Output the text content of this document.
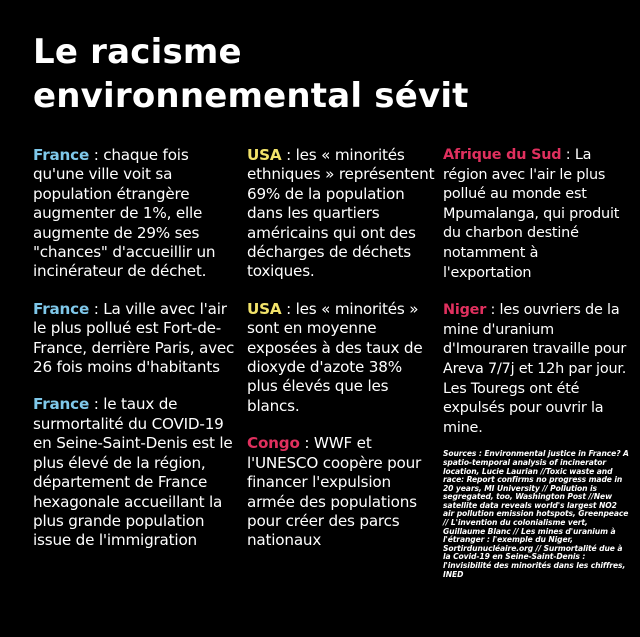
Le racisme
environnemental sévit

France : chaque fois qu'une ville voit sa population étrangère augmenter de 1%, elle augmente de 29% ses "chances" d'accueillir un incinérateur de déchet.

France : La ville avec l'air le plus pollué est Fort-de-France, derrière Paris, avec 26 fois moins d'habitants

France : le taux de surmortalité du COVID-19 en Seine-Saint-Denis est le plus élevé de la région, département de France hexagonale accueillant la plus grande population issue de l'immigration

USA : les « minorités ethniques » représentent 69% de la population dans les quartiers américains qui ont des décharges de déchets toxiques.

USA : les « minorités » sont en moyenne exposées à des taux de dioxyde d'azote 38% plus élevés que les blancs.

Congo : WWF et l'UNESCO coopère pour financer l'expulsion armée des populations pour créer des parcs nationaux

Afrique du Sud : La région avec l'air le plus pollué au monde est Mpumalanga, qui produit du charbon destiné notamment à l'exportation

Niger : les ouvriers de la mine d'uranium d'Imouraren travaille pour Areva 7/7j et 12h par jour. Les Touregs ont été expulsés pour ouvrir la mine.

Sources : Environmental justice in France? A spatio-temporal analysis of incinerator location, Lucie Laurian //Toxic waste and race: Report confirms no progress made in 20 years, MI University // Pollution is segregated, too, Washington Post //New satellite data reveals world's largest NO2 air pollution emission hotspots, Greenpeace // L'invention du colonialisme vert, Guillaume Blanc // Les mines d'uranium à l'étranger : l'exemple du Niger, Sortirdunucléaire.org // Surmortalité due à la Covid-19 en Seine-Saint-Denis : l'invisibilité des minorités dans les chiffres, INED
